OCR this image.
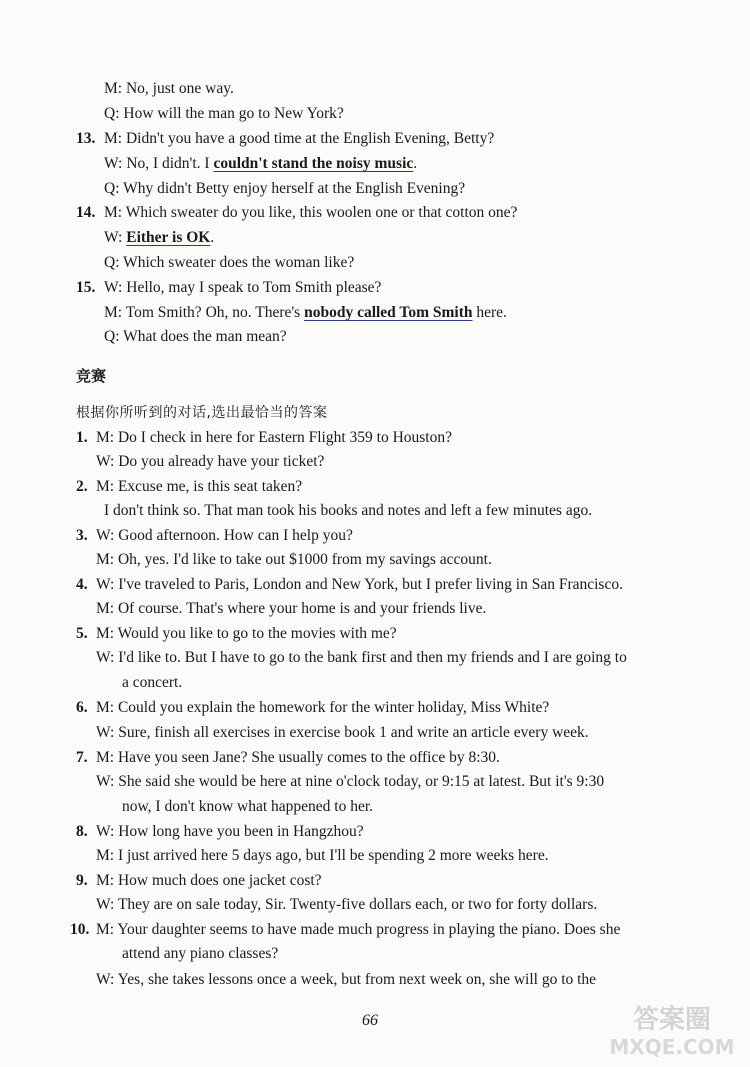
M: No, just one way.
Q: How will the man go to New York?
13. M: Didn't you have a good time at the English Evening, Betty?
W: No, I didn't. I couldn't stand the noisy music.
Q: Why didn't Betty enjoy herself at the English Evening?
14. M: Which sweater do you like, this woolen one or that cotton one?
W: Either is OK.
Q: Which sweater does the woman like?
15. W: Hello, may I speak to Tom Smith please?
M: Tom Smith? Oh, no. There's nobody called Tom Smith here.
Q: What does the man mean?
竞赛
根据你所听到的对话,选出最恰当的答案
1. M: Do I check in here for Eastern Flight 359 to Houston?
W: Do you already have your ticket?
2. M: Excuse me, is this seat taken?
I don't think so. That man took his books and notes and left a few minutes ago.
3. W: Good afternoon. How can I help you?
M: Oh, yes. I'd like to take out $1000 from my savings account.
4. W: I've traveled to Paris, London and New York, but I prefer living in San Francisco.
M: Of course. That's where your home is and your friends live.
5. M: Would you like to go to the movies with me?
W: I'd like to. But I have to go to the bank first and then my friends and I are going to
a concert.
6. M: Could you explain the homework for the winter holiday, Miss White?
W: Sure, finish all exercises in exercise book 1 and write an article every week.
7. M: Have you seen Jane? She usually comes to the office by 8:30.
W: She said she would be here at nine o'clock today, or 9:15 at latest. But it's 9:30
now, I don't know what happened to her.
8. W: How long have you been in Hangzhou?
M: I just arrived here 5 days ago, but I'll be spending 2 more weeks here.
9. M: How much does one jacket cost?
W: They are on sale today, Sir. Twenty-five dollars each, or two for forty dollars.
10. M: Your daughter seems to have made much progress in playing the piano. Does she
attend any piano classes?
W: Yes, she takes lessons once a week, but from next week on, she will go to the
66	答案圈
MXQE.COM
